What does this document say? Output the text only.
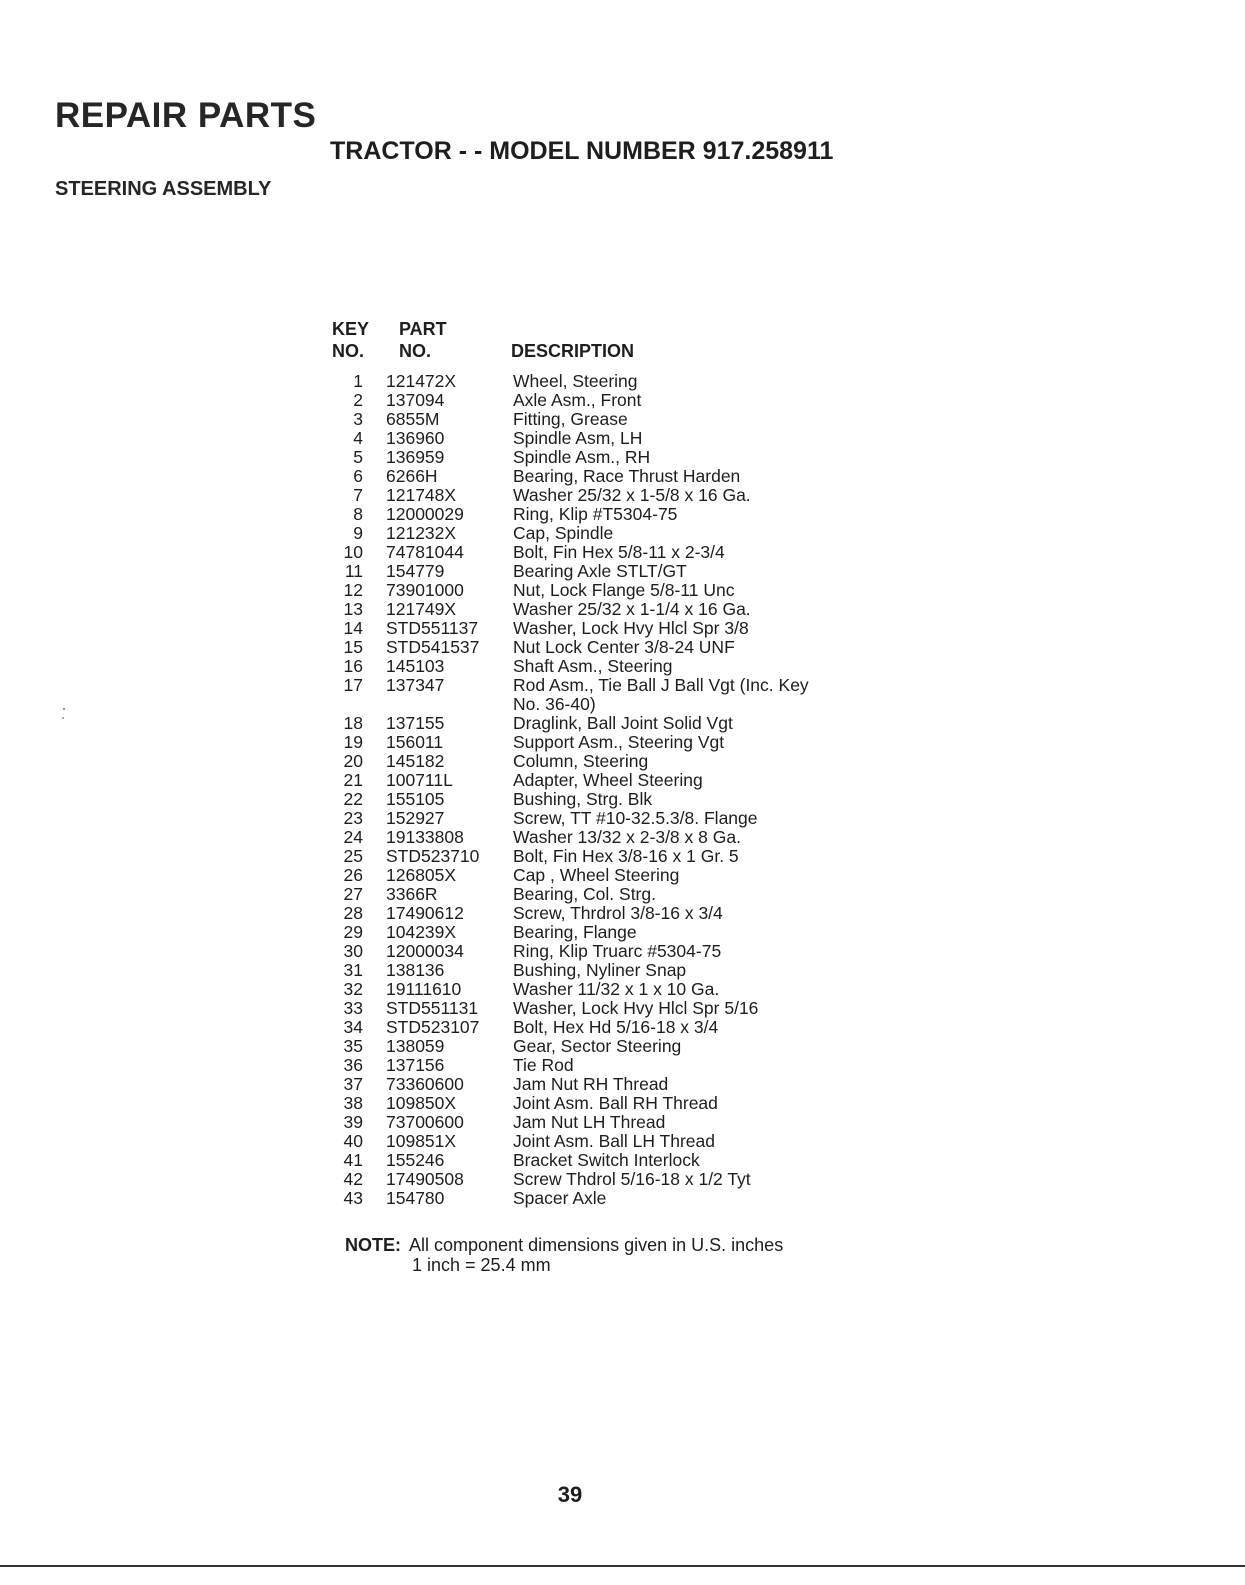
REPAIR PARTS
TRACTOR - - MODEL NUMBER 917.258911
STEERING ASSEMBLY
KEY
NO.
PART
NO.	DESCRIPTION
1 121472X	Wheel, Steering
2 137094	Axle Asm., Front
3 6855M	Fitting, Grease
4 136960	Spindle Asm, LH
5 136959	Spindle Asm., RH
6 6266H	Bearing, Race Thrust Harden
7 121748X	Washer 25/32 x 1-5/8 x 16 Ga.
8 12000029	Ring, Klip #T5304-75
9 121232X	Cap, Spindle
10 74781044	Bolt, Fin Hex 5/8-11 x 2-3/4
11 154779	Bearing Axle STLT/GT
12 73901000	Nut, Lock Flange 5/8-11 Unc
13 121749X	Washer 25/32 x 1-1/4 x 16 Ga.
14 STD551137 Washer, Lock Hvy Hlcl Spr 3/8
15 STD541537 Nut Lock Center 3/8-24 UNF
16 145103	Shaft Asm., Steering
17 137347	Rod Asm., Tie Ball J Ball Vgt (Inc. Key No. 36-40)
18 137155	Draglink, Ball Joint Solid Vgt
19 156011	Support Asm., Steering Vgt
20 145182	Column, Steering
21 100711L	Adapter, Wheel Steering
22 155105	Bushing, Strg. Blk
23 152927	Screw, TT #10-32.5.3/8. Flange
24 19133808	Washer 13/32 x 2-3/8 x 8 Ga.
25 STD523710 Bolt, Fin Hex 3/8-16 x 1 Gr. 5
26 126805X	Cap , Wheel Steering
27 3366R	Bearing, Col. Strg.
28 17490612	Screw, Thrdrol 3/8-16 x 3/4
29 104239X	Bearing, Flange
30 12000034	Ring, Klip Truarc #5304-75
31 138136	Bushing, Nyliner Snap
32 19111610	Washer 11/32 x 1 x 10 Ga.
33 STD551131 Washer, Lock Hvy Hlcl Spr 5/16
34 STD523107 Bolt, Hex Hd 5/16-18 x 3/4
35 138059	Gear, Sector Steering
36 137156	Tie Rod
37 73360600	Jam Nut RH Thread
38 109850X	Joint Asm. Ball RH Thread
39 73700600	Jam Nut LH Thread
40 109851X	Joint Asm. Ball LH Thread
41 155246	Bracket Switch Interlock
42 17490508	Screw Thdrol 5/16-18 x 1/2 Tyt
43 154780	Spacer Axle
NOTE: All component dimensions given in U.S. inches
1 inch = 25.4 mm
39
